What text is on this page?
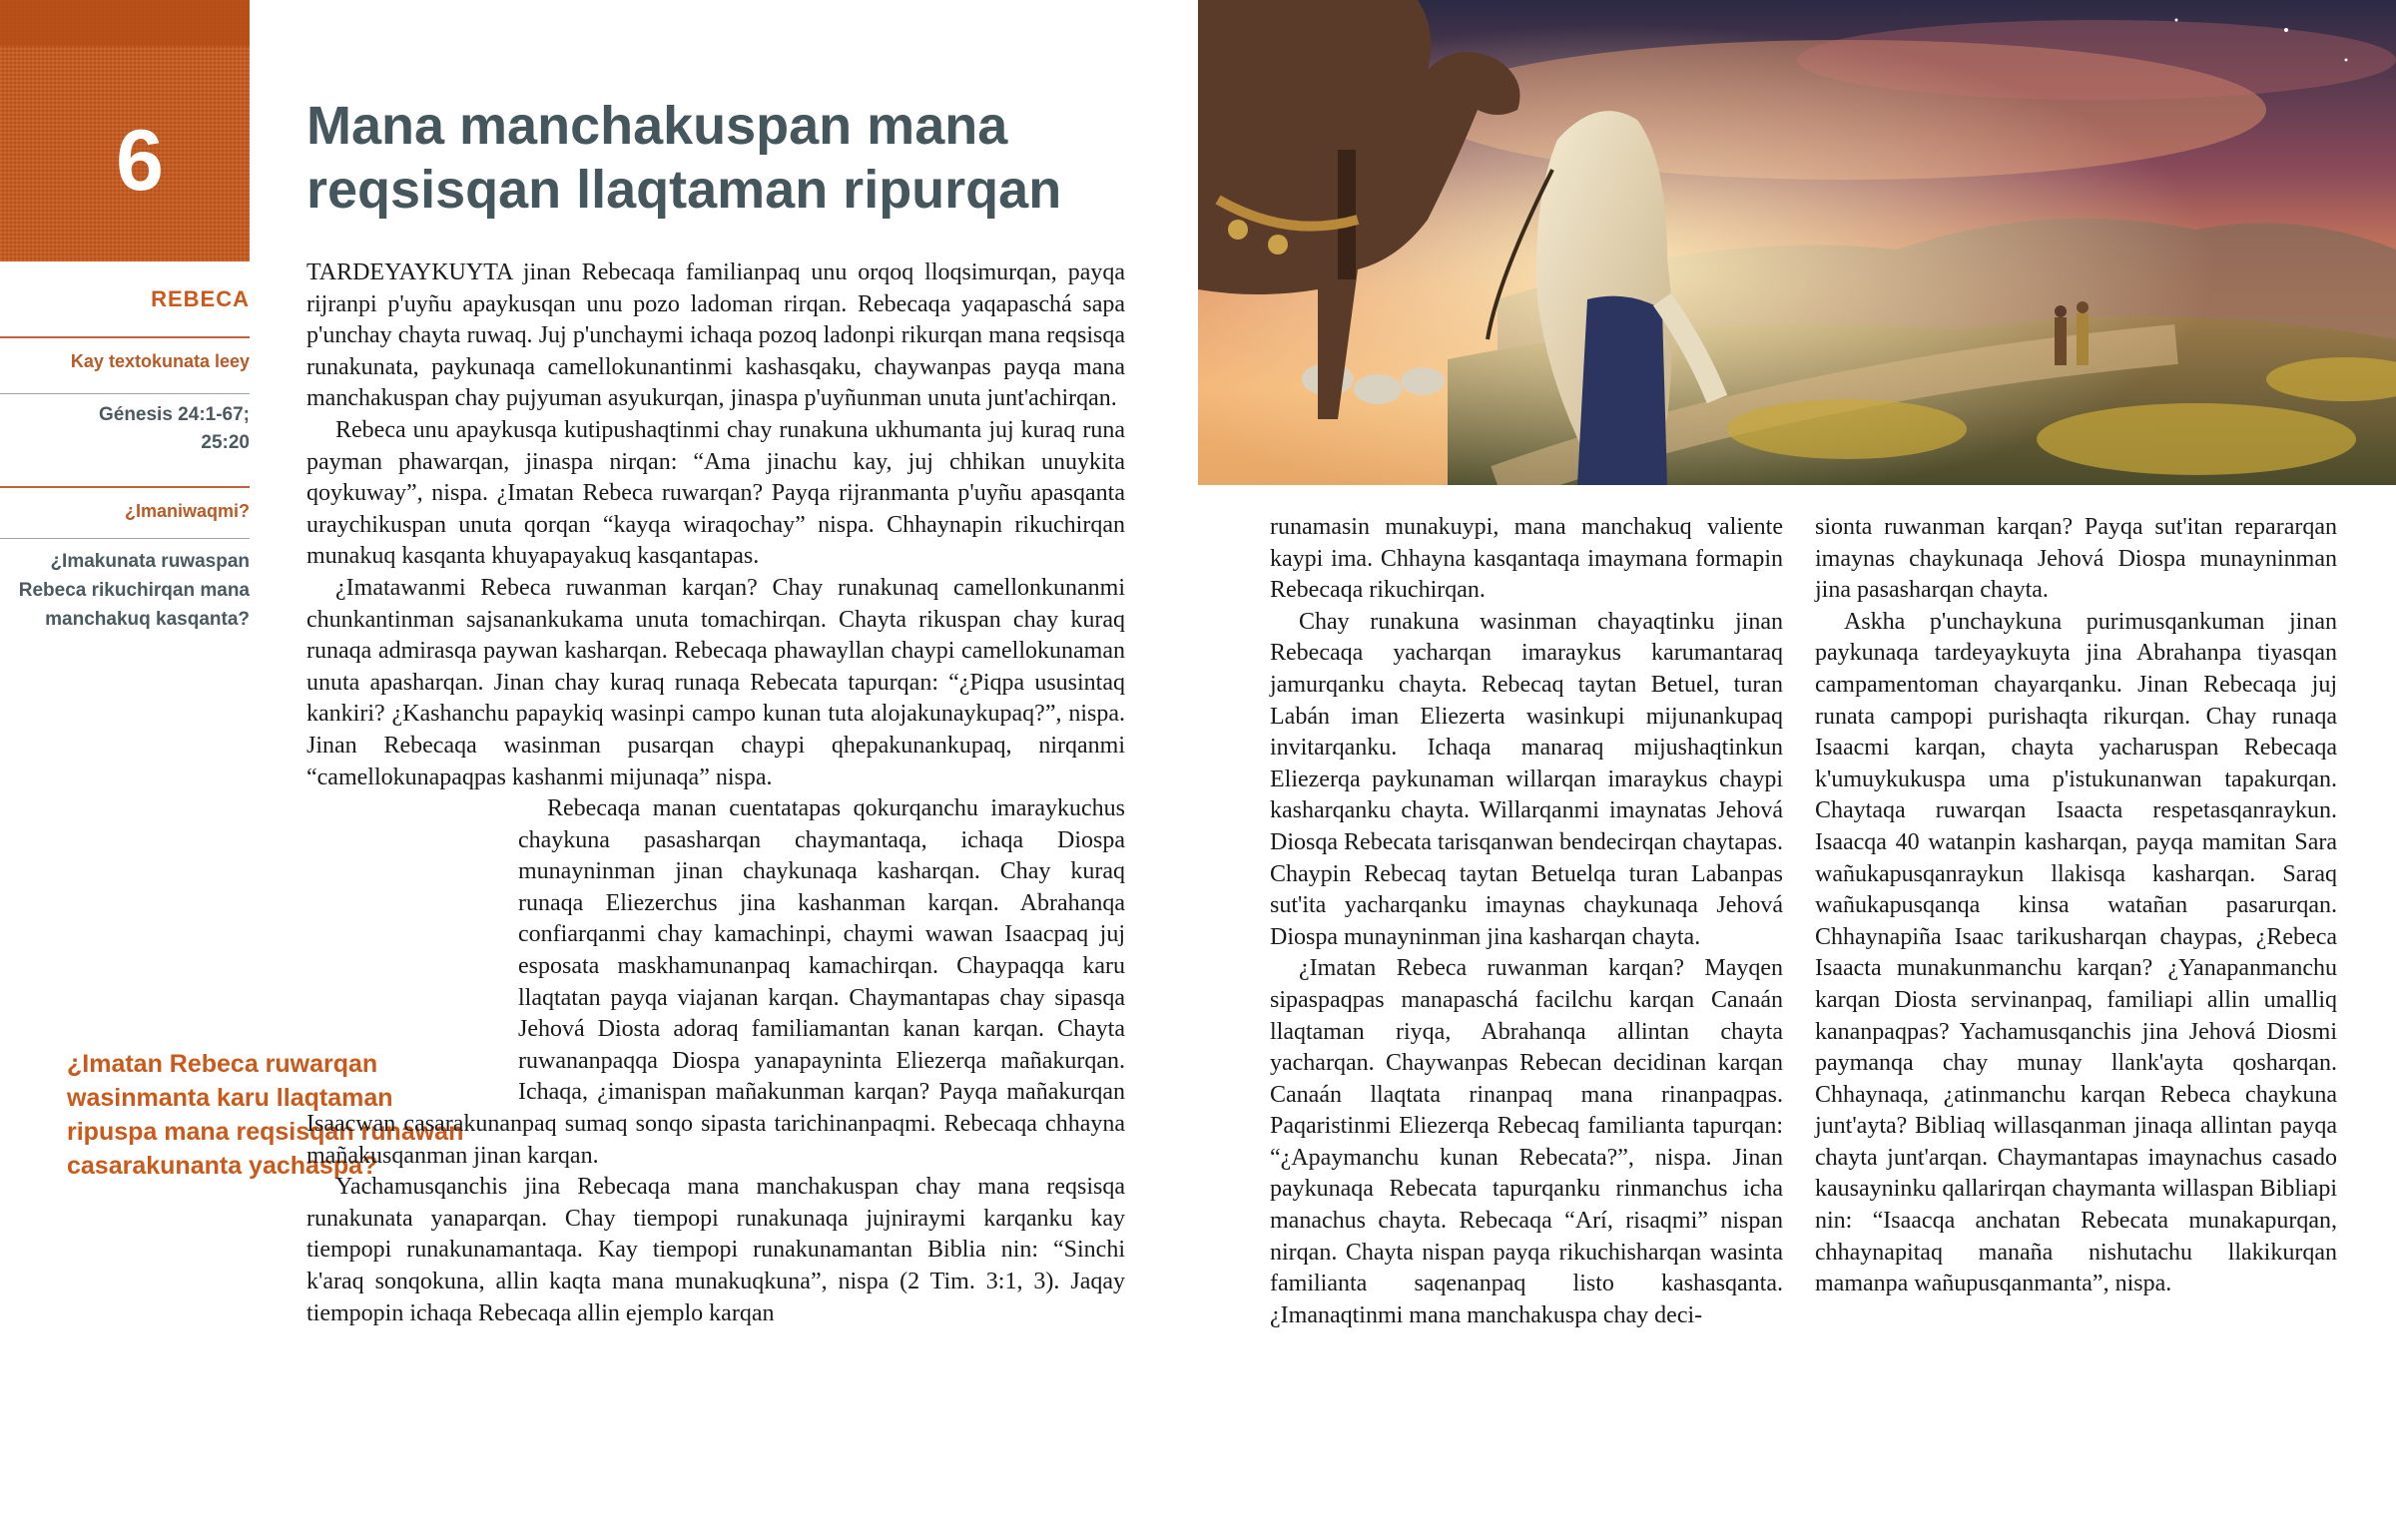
6
REBECA
Kay textokunata leey
Génesis 24:1-67;
25:20
¿Imaniwaqmi?
¿Imakunata ruwaspan Rebeca rikuchirqan mana manchakuq kasqanta?
Mana manchakuspan mana reqsisqan llaqtaman ripurqan
¿Imatan Rebeca ruwarqan wasinmanta karu llaqtaman ripuspa mana reqsisqan runawan casarakunanta yachaspa?

TARDEYAYKUYTA jinan Rebecaqa familianpaq unu orqoq lloqsimurqan, payqa rijranpi p'uyñu apaykusqan unu pozo ladoman rirqan. Rebecaqa yaqapaschá sapa p'unchay chayta ruwaq. Juj p'unchaymi ichaqa pozoq ladonpi rikurqan mana reqsisqa runakunata, paykunaqa camellokunantinmi kashasqaku, chaywanpas payqa mana manchakuspan chay pujyuman asyukurqan, jinaspa p'uyñunman unuta junt'achirqan.

Rebeca unu apaykusqa kutipushaqtinmi chay runakuna ukhumanta juj kuraq runa payman phawarqan, jinaspa nirqan: “Ama jinachu kay, juj chhikan unuykita qoykuway”, nispa. ¿Imatan Rebeca ruwarqan? Payqa rijranmanta p'uyñu apasqanta uraychikuspan unuta qorqan “kayqa wiraqochay” nispa. Chhaynapin rikuchirqan munakuq kasqanta khuyapayakuq kasqantapas.

¿Imatawanmi Rebeca ruwanman karqan? Chay runakunaq camellonkunanmi chunkantinman sajsanankukama unuta tomachirqan. Chayta rikuspan chay kuraq runaqa admirasqa paywan kasharqan. Rebecaqa phawayllan chaypi camellokunaman unuta apasharqan. Jinan chay kuraq runaqa Rebecata tapurqan: “¿Piqpa ususintaq kankiri? ¿Kashanchu papaykiq wasinpi campo kunan tuta alojakunaykupaq?”, nispa. Jinan Rebecaqa wasinman pusarqan chaypi qhepakunankupaq, nirqanmi “camellokunapaqpas kashanmi mijunaqa” nispa.

Rebecaqa manan cuentatapas qokurqanchu imaraykuchus chaykuna pasasharqan chaymantaqa, ichaqa Diospa munayninman jinan chaykunaqa kasharqan. Chay kuraq runaqa Eliezerchus jina kashanman karqan. Abrahanqa confiarqanmi chay kamachinpi, chaymi wawan Isaacpaq juj esposata maskhamunanpaq kamachirqan. Chaypaqqa karu llaqtatan payqa viajanan karqan. Chaymantapas chay sipasqa Jehová Diosta adoraq familiamantan kanan karqan. Chayta ruwananpaqqa Diospa yanapayninta Eliezerqa mañakurqan. Ichaqa, ¿imanispan mañakunman karqan? Payqa mañakurqan Isaacwan casarakunanpaq sumaq sonqo sipasta tarichinanpaqmi. Rebecaqa chhayna mañakusqanman jinan karqan.

Yachamusqanchis jina Rebecaqa mana manchakuspan chay mana reqsisqa runakunata yanaparqan. Chay tiempopi runakunaqa jujniraymi karqanku kay tiempopi runakunamantaqa. Kay tiempopi runakunamantan Biblia nin: “Sinchi k'araq sonqokuna, allin kaqta mana munakuqkuna”, nispa (2 Tim. 3:1, 3). Jaqay tiempopin ichaqa Rebecaqa allin ejemplo karqan

runamasin munakuypi, mana manchakuq valiente kaypi ima. Chhayna kasqantaqa imaymana formapin Rebecaqa rikuchirqan.

Chay runakuna wasinman chayaqtinku jinan Rebecaqa yacharqan imaraykus karumantaraq jamurqanku chayta. Rebecaq taytan Betuel, turan Labán iman Eliezerta wasinkupi mijunankupaq invitarqanku. Ichaqa manaraq mijushaqtinkun Eliezerqa paykunaman willarqan imaraykus chaypi kasharqanku chayta. Willarqanmi imaynatas Jehová Diosqa Rebecata tarisqanwan bendecirqan chaytapas. Chaypin Rebecaq taytan Betuelqa turan Labanpas sut'ita yacharqanku imaynas chaykunaqa Jehová Diospa munayninman jina kasharqan chayta.

¿Imatan Rebeca ruwanman karqan? Mayqen sipaspaqpas manapaschá facilchu karqan Canaán llaqtaman riyqa, Abrahanqa allintan chayta yacharqan. Chaywanpas Rebecan decidinan karqan Canaán llaqtata rinanpaq mana rinanpaqpas. Paqaristinmi Eliezerqa Rebecaq familianta tapurqan: “¿Apaymanchu kunan Rebecata?”, nispa. Jinan paykunaqa Rebecata tapurqanku rinmanchus icha manachus chayta. Rebecaqa “Arí, risaqmi” nispan nirqan. Chayta nispan payqa rikuchisharqan wasinta familianta saqenanpaq listo kashasqanta. ¿Imanaqtinmi mana manchakuspa chay deci-

sionta ruwanman karqan? Payqa sut'itan repararqan imaynas chaykunaqa Jehová Diospa munayninman jina pasasharqan chayta.

Askha p'unchaykuna purimusqankuman jinan paykunaqa tardeyaykuyta jina Abrahanpa tiyasqan campamentoman chayarqanku. Jinan Rebecaqa juj runata campopi purishaqta rikurqan. Chay runaqa Isaacmi karqan, chayta yacharuspan Rebecaqa k'umuykukuspa uma p'istukunanwan tapakurqan. Chaytaqa ruwarqan Isaacta respetasqanraykun. Isaacqa 40 watanpin kasharqan, payqa mamitan Sara wañukapusqanraykun llakisqa kasharqan. Saraq wañukapusqanqa kinsa watañan pasarurqan. Chhaynapiña Isaac tarikusharqan chaypas, ¿Rebeca Isaacta munakunmanchu karqan? ¿Yanapanmanchu karqan Diosta servinanpaq, familiapi allin umalliq kananpaqpas? Yachamusqanchis jina Jehová Diosmi paymanqa chay munay llank'ayta qosharqan. Chhaynaqa, ¿atinmanchu karqan Rebeca chaykuna junt'ayta? Bibliaq willasqanman jinaqa allintan payqa chayta junt'arqan. Chaymantapas imaynachus casado kausayninku qallarirqan chaymanta willaspan Bibliapi nin: “Isaacqa anchatan Rebecata munakapurqan, chhaynapitaq manaña nishutachu llakikurqan mamanpa wañupusqanmanta”, nispa.
